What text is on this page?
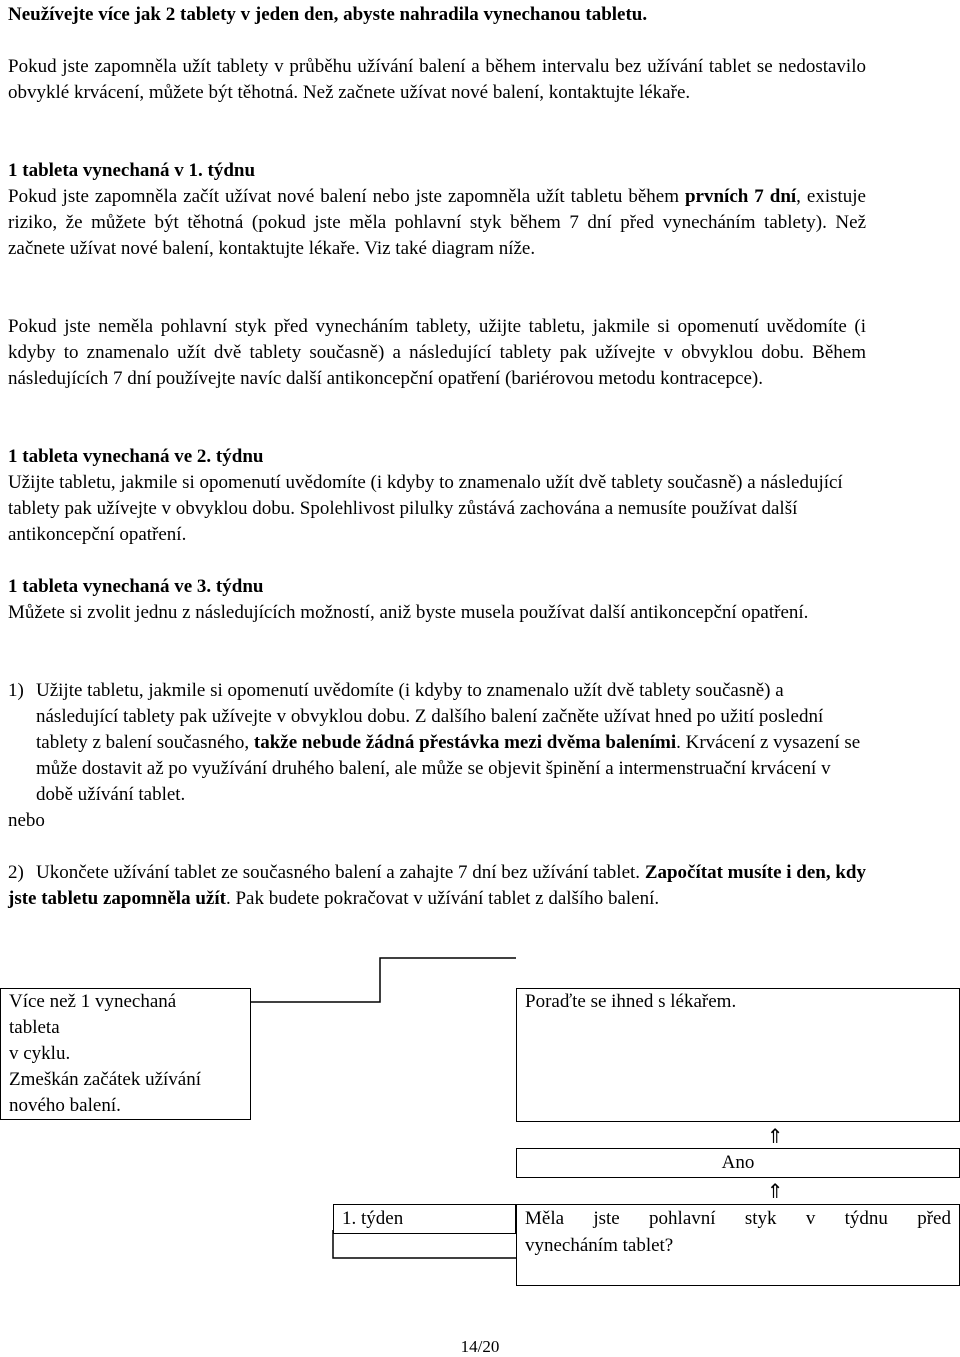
Neužívejte více jak 2 tablety v jeden den, abyste nahradila vynechanou tabletu.

Pokud jste zapomněla užít tablety v průběhu užívání balení a během intervalu bez užívání tablet se nedostavilo obvyklé krvácení, můžete být těhotná. Než začnete užívat nové balení, kontaktujte lékaře.

1 tableta vynechaná v 1. týdnu

Pokud jste zapomněla začít užívat nové balení nebo jste zapomněla užít tabletu během prvních 7 dní, existuje riziko, že můžete být těhotná (pokud jste měla pohlavní styk během 7 dní před vynecháním tablety). Než začnete užívat nové balení, kontaktujte lékaře. Viz také diagram níže.

Pokud jste neměla pohlavní styk před vynecháním tablety, užijte tabletu, jakmile si opomenutí uvědomíte (i kdyby to znamenalo užít dvě tablety současně) a následující tablety pak užívejte v obvyklou dobu. Během následujících 7 dní používejte navíc další antikoncepční opatření (bariérovou metodu kontracepce).

1 tableta vynechaná ve 2. týdnu

Užijte tabletu, jakmile si opomenutí uvědomíte (i kdyby to znamenalo užít dvě tablety současně) a následující tablety pak užívejte v obvyklou dobu. Spolehlivost pilulky zůstává zachována a nemusíte používat další antikoncepční opatření.

1 tableta vynechaná ve 3. týdnu

Můžete si zvolit jednu z následujících možností, aniž byste musela používat další antikoncepční opatření.

1) Užijte tabletu, jakmile si opomenutí uvědomíte (i kdyby to znamenalo užít dvě tablety současně) a následující tablety pak užívejte v obvyklou dobu. Z dalšího balení začněte užívat hned po užití poslední tablety z balení současného, takže nebude žádná přestávka mezi dvěma baleními. Krvácení z vysazení se může dostavit až po využívání druhého balení, ale může se objevit špinění a intermenstruační krvácení v době užívání tablet.

nebo

2) Ukončete užívání tablet ze současného balení a zahajte 7 dní bez užívání tablet. Započítat musíte i den, kdy jste tabletu zapomněla užít. Pak budete pokračovat v užívání tablet z dalšího balení.
Více než 1 vynechaná
tableta
v cyklu.
Zmeškán začátek užívání
nového balení.
Poraďte se ihned s lékařem.
⇑
Ano
⇑
1. týden	Měla jste pohlavní styk v týdnu před
vynecháním tablet?
14/20
